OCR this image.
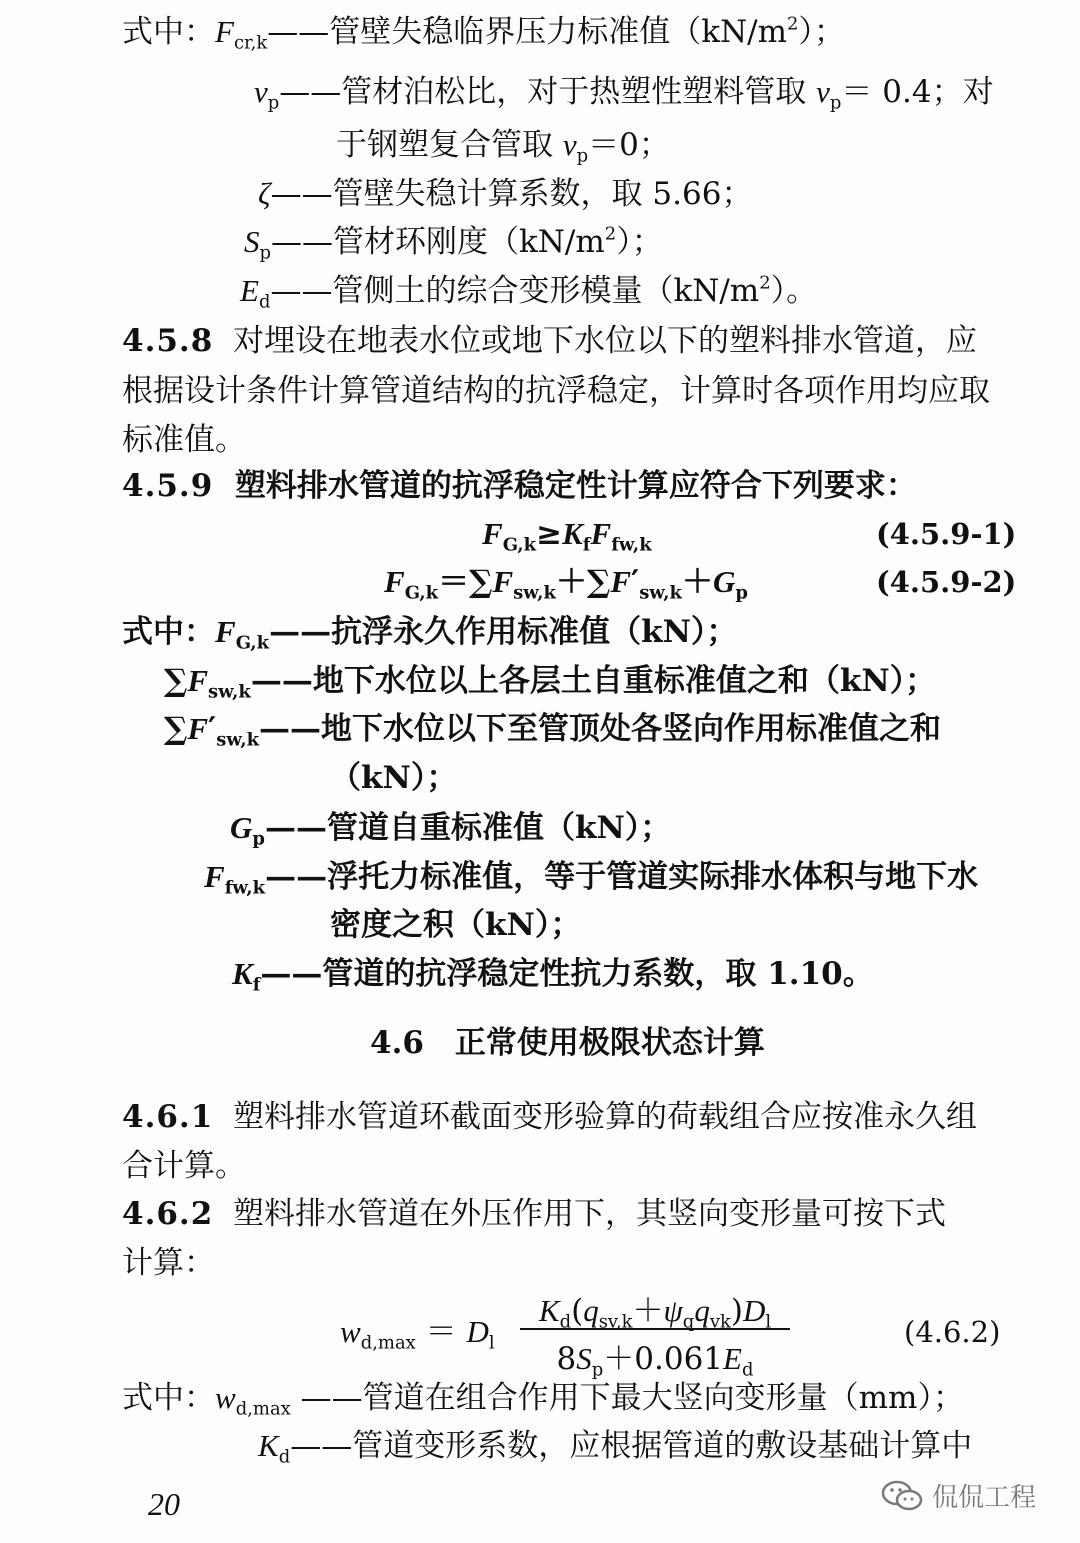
式中：$F_{cr,k}——$管壁失稳临界压力标准值$(kN/m^2)$；
$\nu_p——$管材泊松比，对于热塑性塑料管取 $\nu_p= 0.4$；对
于钢塑复合管取 $\nu_p=0$；
ζ——管壁失稳计算系数，取 5.66；
$S_p——$管材环刚度$(kN/m^2)$；
$E_d——$管侧土的综合变形模量$(kN/m^2)$。
4.5.8 对埋设在地表水位或地下水位以下的塑料排水管道，应
根据设计条件计算管道结构的抗浮稳定，计算时各项作用均应取
标准值。
4.5.9 塑料排水管道的抗浮稳定性计算应符合下列要求：
$F_{G,k}\ge K_fF_{fw,k}$	(4.5.9-1)
$F_{G,k}=\sum F_{sw,k}+\sum F'_{sw,k}+G_p$	(4.5.9-2)
式中：$F_{G,k}——$抗浮永久作用标准值（kN）；
$\sum F_{sw,k}——$地下水位以上各层土自重标准值之和（kN）；
$\sum F'_{sw,k}——$地下水位以下至管顶处各竖向作用标准值之和
（kN）；
$G_p——$管道自重标准值（kN）；
$F_{fw,k}——$浮托力标准值，等于管道实际排水体积与地下水
密度之积（kN）；
$K_f——$管道的抗浮稳定性抗力系数，取 1.10。
4.6　正常使用极限状态计算
4.6.1 塑料排水管道环截面变形验算的荷载组合应按准永久组
合计算。
4.6.2 塑料排水管道在外压作用下，其竖向变形量可按下式
计算：
$w_{d,max} = D_l$
$K_d(q_{sv,k}+\psi_qq_{vk})D_l$
$8S_p+0.061E_d$
(4.6.2)
式中：$w_{d,max}$ ——管道在组合作用下最大竖向变形量（mm）；
$K_d——$管道变形系数，应根据管道的敷设基础计算中
20	侃侃工程
